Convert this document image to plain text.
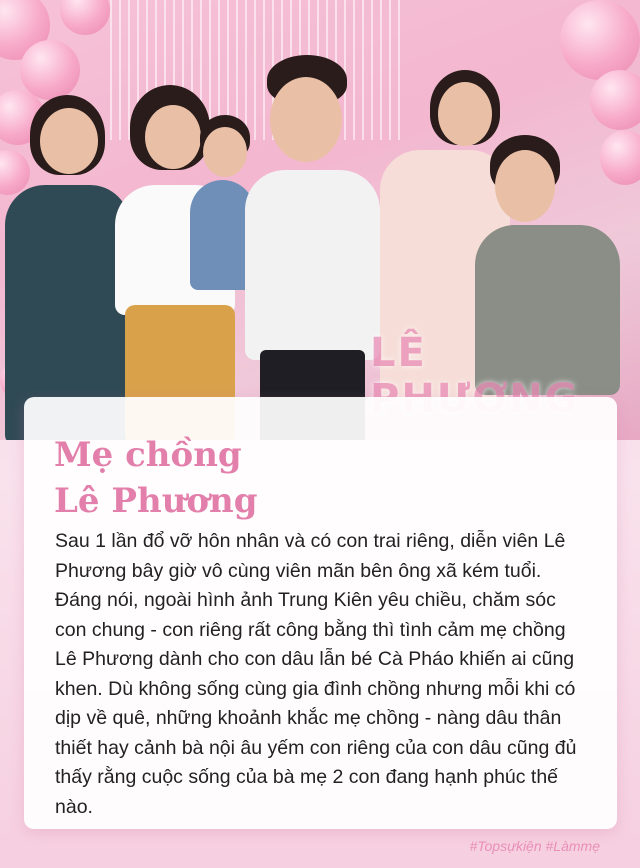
LÊ
Mẹ chồng
Lê Phương

Sau 1 lần đổ vỡ hôn nhân và có con trai riêng, diễn viên Lê Phương bây giờ vô cùng viên mãn bên ông xã kém tuổi. Đáng nói, ngoài hình ảnh Trung Kiên yêu chiều, chăm sóc con chung - con riêng rất công bằng thì tình cảm mẹ chồng Lê Phương dành cho con dâu lẫn bé Cà Pháo khiến ai cũng khen. Dù không sống cùng gia đình chồng nhưng mỗi khi có dịp về quê, những khoảnh khắc mẹ chồng - nàng dâu thân thiết hay cảnh bà nội âu yếm con riêng của con dâu cũng đủ thấy rằng cuộc sống của bà mẹ 2 con đang hạnh phúc thế nào.

#Topsựkiện #Làmmẹ
